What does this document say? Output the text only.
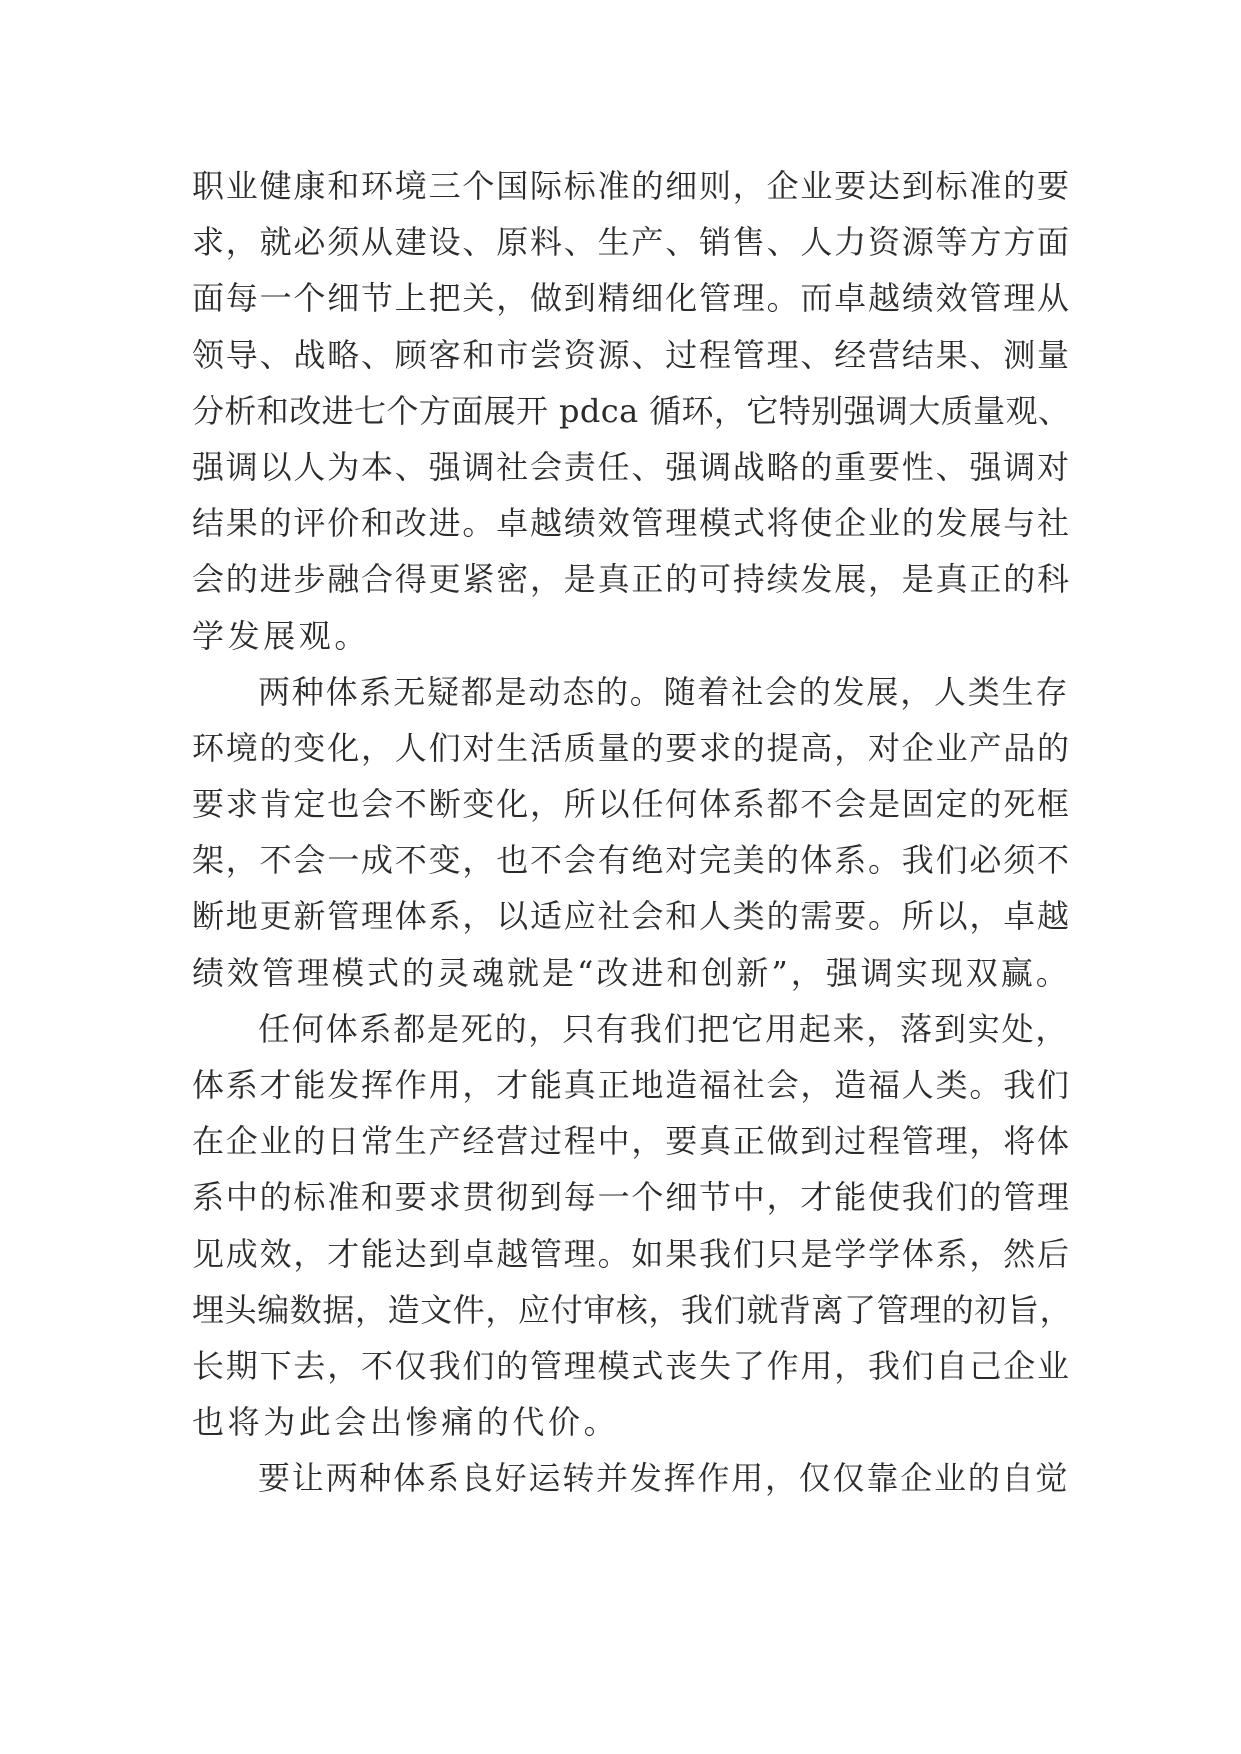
职业健康和环境三个国际标准的细则，企业要达到标准的要
求，就必须从建设、原料、生产、销售、人力资源等方方面
面每一个细节上把关，做到精细化管理。而卓越绩效管理从
领导、战略、顾客和市尝资源、过程管理、经营结果、测量
分析和改进七个方面展开 pdca 循环，它特别强调大质量观、
强调以人为本、强调社会责任、强调战略的重要性、强调对
结果的评价和改进。卓越绩效管理模式将使企业的发展与社
会的进步融合得更紧密，是真正的可持续发展，是真正的科
学发展观。
两种体系无疑都是动态的。随着社会的发展，人类生存
环境的变化，人们对生活质量的要求的提高，对企业产品的
要求肯定也会不断变化，所以任何体系都不会是固定的死框
架，不会一成不变，也不会有绝对完美的体系。我们必须不
断地更新管理体系，以适应社会和人类的需要。所以，卓越
绩效管理模式的灵魂就是“改进和创新”，强调实现双赢。
任何体系都是死的，只有我们把它用起来，落到实处，
体系才能发挥作用，才能真正地造福社会，造福人类。我们
在企业的日常生产经营过程中，要真正做到过程管理，将体
系中的标准和要求贯彻到每一个细节中，才能使我们的管理
见成效，才能达到卓越管理。如果我们只是学学体系，然后
埋头编数据，造文件，应付审核，我们就背离了管理的初旨，
长期下去，不仅我们的管理模式丧失了作用，我们自己企业
也将为此会出惨痛的代价。
要让两种体系良好运转并发挥作用，仅仅靠企业的自觉
